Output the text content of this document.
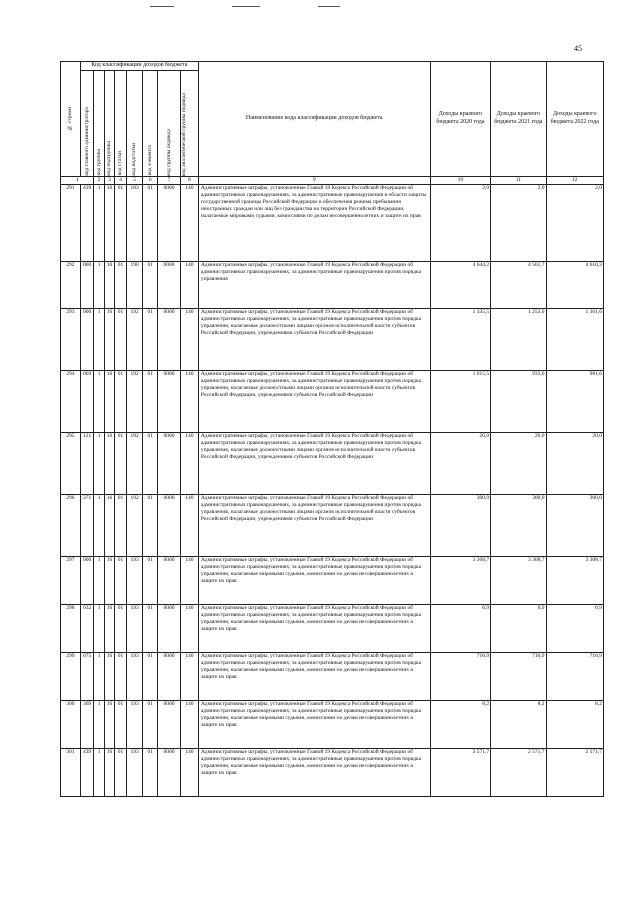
45
№ строки	Код классификации доходов бюджета								Наименование кода классификации доходов бюджета	Доходы краевого бюджета 2020 года	Доходы краевого бюджета 2021 года	Доходы краевого бюджета 2022 года

	код главного администратора	код группы	код подгруппы	код статьи	код подстатьи	код элемента	код группы подвида	код аналитической группы подвида				

1		2	3	4	5	6	7	8	9	10	11	12
291	439	1	16	01	183	01	0000	140	Административные штрафы, установленные Главой 18 Кодекса Российской Федерации об административных правонарушениях, за административные правонарушения в области защиты государственной границы Российской Федерации и обеспечения режима пребывания иностранных граждан или лиц без гражданства на территории Российской Федерации, налагаемые мировыми судьями, комиссиями по делам несовершеннолетних и защите их прав	2,0	2,0	2,0
292	000	1	16	01	190	01	0000	140	Административные штрафы, установленные Главой 19 Кодекса Российской Федерации об административных правонарушениях, за административные правонарушения против порядка управления	4 644,2	4 561,7	4 610,3
293	000	1	16	01	192	01	0000	140	Административные штрафы, установленные Главой 19 Кодекса Российской Федерации об административных правонарушениях, за административные правонарушения против порядка управления, налагаемые должностными лицами органов исполнительной власти субъектов Российской Федерации, учреждениями субъектов Российской Федерации	1 335,5	1 253,0	1 301,6
294	069	1	16	01	192	01	0000	140	Административные штрафы, установленные Главой 19 Кодекса Российской Федерации об административных правонарушениях, за административные правонарушения против порядка управления, налагаемые должностными лицами органов исполнительной власти субъектов Российской Федерации, учреждениями субъектов Российской Федерации	1 015,5	933,0	981,6
295	121	1	16	01	192	01	0000	140	Административные штрафы, установленные Главой 19 Кодекса Российской Федерации об административных правонарушениях, за административные правонарушения против порядка управления, налагаемые должностными лицами органов исполнительной власти субъектов Российской Федерации, учреждениями субъектов Российской Федерации	20,0	20,0	20,0
296	371	1	16	01	192	01	0000	140	Административные штрафы, установленные Главой 19 Кодекса Российской Федерации об административных правонарушениях, за административные правонарушения против порядка управления, налагаемые должностными лицами органов исполнительной власти субъектов Российской Федерации, учреждениями субъектов Российской Федерации	300,0	300,0	300,0
297	000	1	16	01	193	01	0000	140	Административные штрафы, установленные Главой 19 Кодекса Российской Федерации об административных правонарушениях, за административные правонарушения против порядка управления, налагаемые мировыми судьями, комиссиями по делам несовершеннолетних и защите их прав	3 308,7	3 308,7	3 308,7
298	032	1	16	01	193	01	0000	140	Административные штрафы, установленные Главой 19 Кодекса Российской Федерации об административных правонарушениях, за административные правонарушения против порядка управления, налагаемые мировыми судьями, комиссиями по делам несовершеннолетних и защите их прав	6,9	6,9	6,9
299	075	1	16	01	193	01	0000	140	Административные штрафы, установленные Главой 19 Кодекса Российской Федерации об административных правонарушениях, за административные правонарушения против порядка управления, налагаемые мировыми судьями, комиссиями по делам несовершеннолетних и защите их прав	716,9	716,9	716,9
300	369	1	16	01	193	01	0000	140	Административные штрафы, установленные Главой 19 Кодекса Российской Федерации об административных правонарушениях, за административные правонарушения против порядка управления, налагаемые мировыми судьями, комиссиями по делам несовершеннолетних и защите их прав	8,2	8,2	8,2
301	439	1	16	01	193	01	0000	140	Административные штрафы, установленные Главой 19 Кодекса Российской Федерации об административных правонарушениях, за административные правонарушения против порядка управления, налагаемые мировыми судьями, комиссиями по делам несовершеннолетних и защите их прав	2 571,7	2 571,7	2 571,7
